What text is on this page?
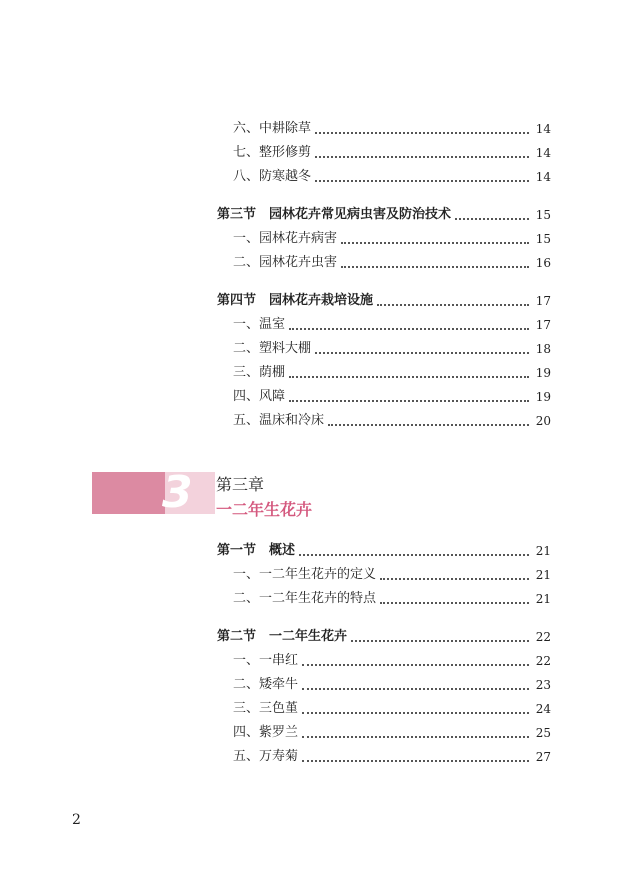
六、中耕除草	14
七、整形修剪	14
八、防寒越冬	14
第三节　园林花卉常见病虫害及防治技术	15
一、园林花卉病害	15
二、园林花卉虫害	16
第四节　园林花卉栽培设施	17
一、温室	17
二、塑料大棚	18
三、荫棚	19
四、风障	19
五、温床和冷床	20
3 第三章
一二年生花卉
第一节　概述	21
一、一二年生花卉的定义	21
二、一二年生花卉的特点	21
第二节　一二年生花卉	22
一、一串红	22
二、矮牵牛	23
三、三色堇	24
四、紫罗兰	25
五、万寿菊	27
2
